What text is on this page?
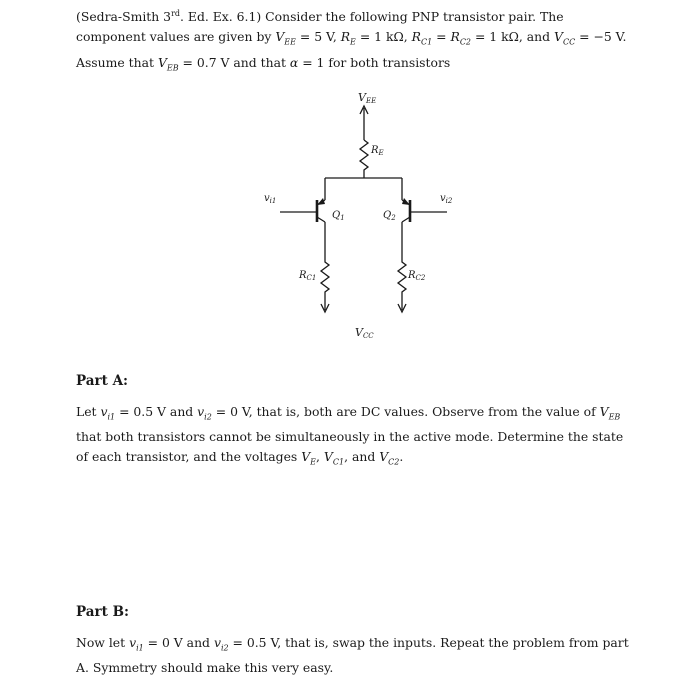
(Sedra-Smith 3rd. Ed. Ex. 6.1) Consider the following PNP transistor pair. The component values are given by $V_{EE} = 5$ V, $R_E = 1$ kΩ, $R_{C1} = R_{C2} = 1$ kΩ, and $V_{CC} = -5$ V. Assume that $V_{EB} = 0.7$ V and that α = 1 for both transistors

VEE
$R_E$
$v_{i1}$
$Q_1$
$v_{i2}$
$Q_2$
$R_{C1}$	$R_{C2}$
VCC
Part A:

Let $v_{i1} = 0.5$ V and $v_{i2} = 0$ V, that is, both are DC values. Observe from the value of $V_{EB}$ that both transistors cannot be simultaneously in the active mode. Determine the state of each transistor, and the voltages $V_E$, $V_{C1}$, and $V_{C2}$.

Part B:

Now let $v_{i1} = 0$ V and $v_{i2} = 0.5$ V, that is, swap the inputs. Repeat the problem from part A. Symmetry should make this very easy.
